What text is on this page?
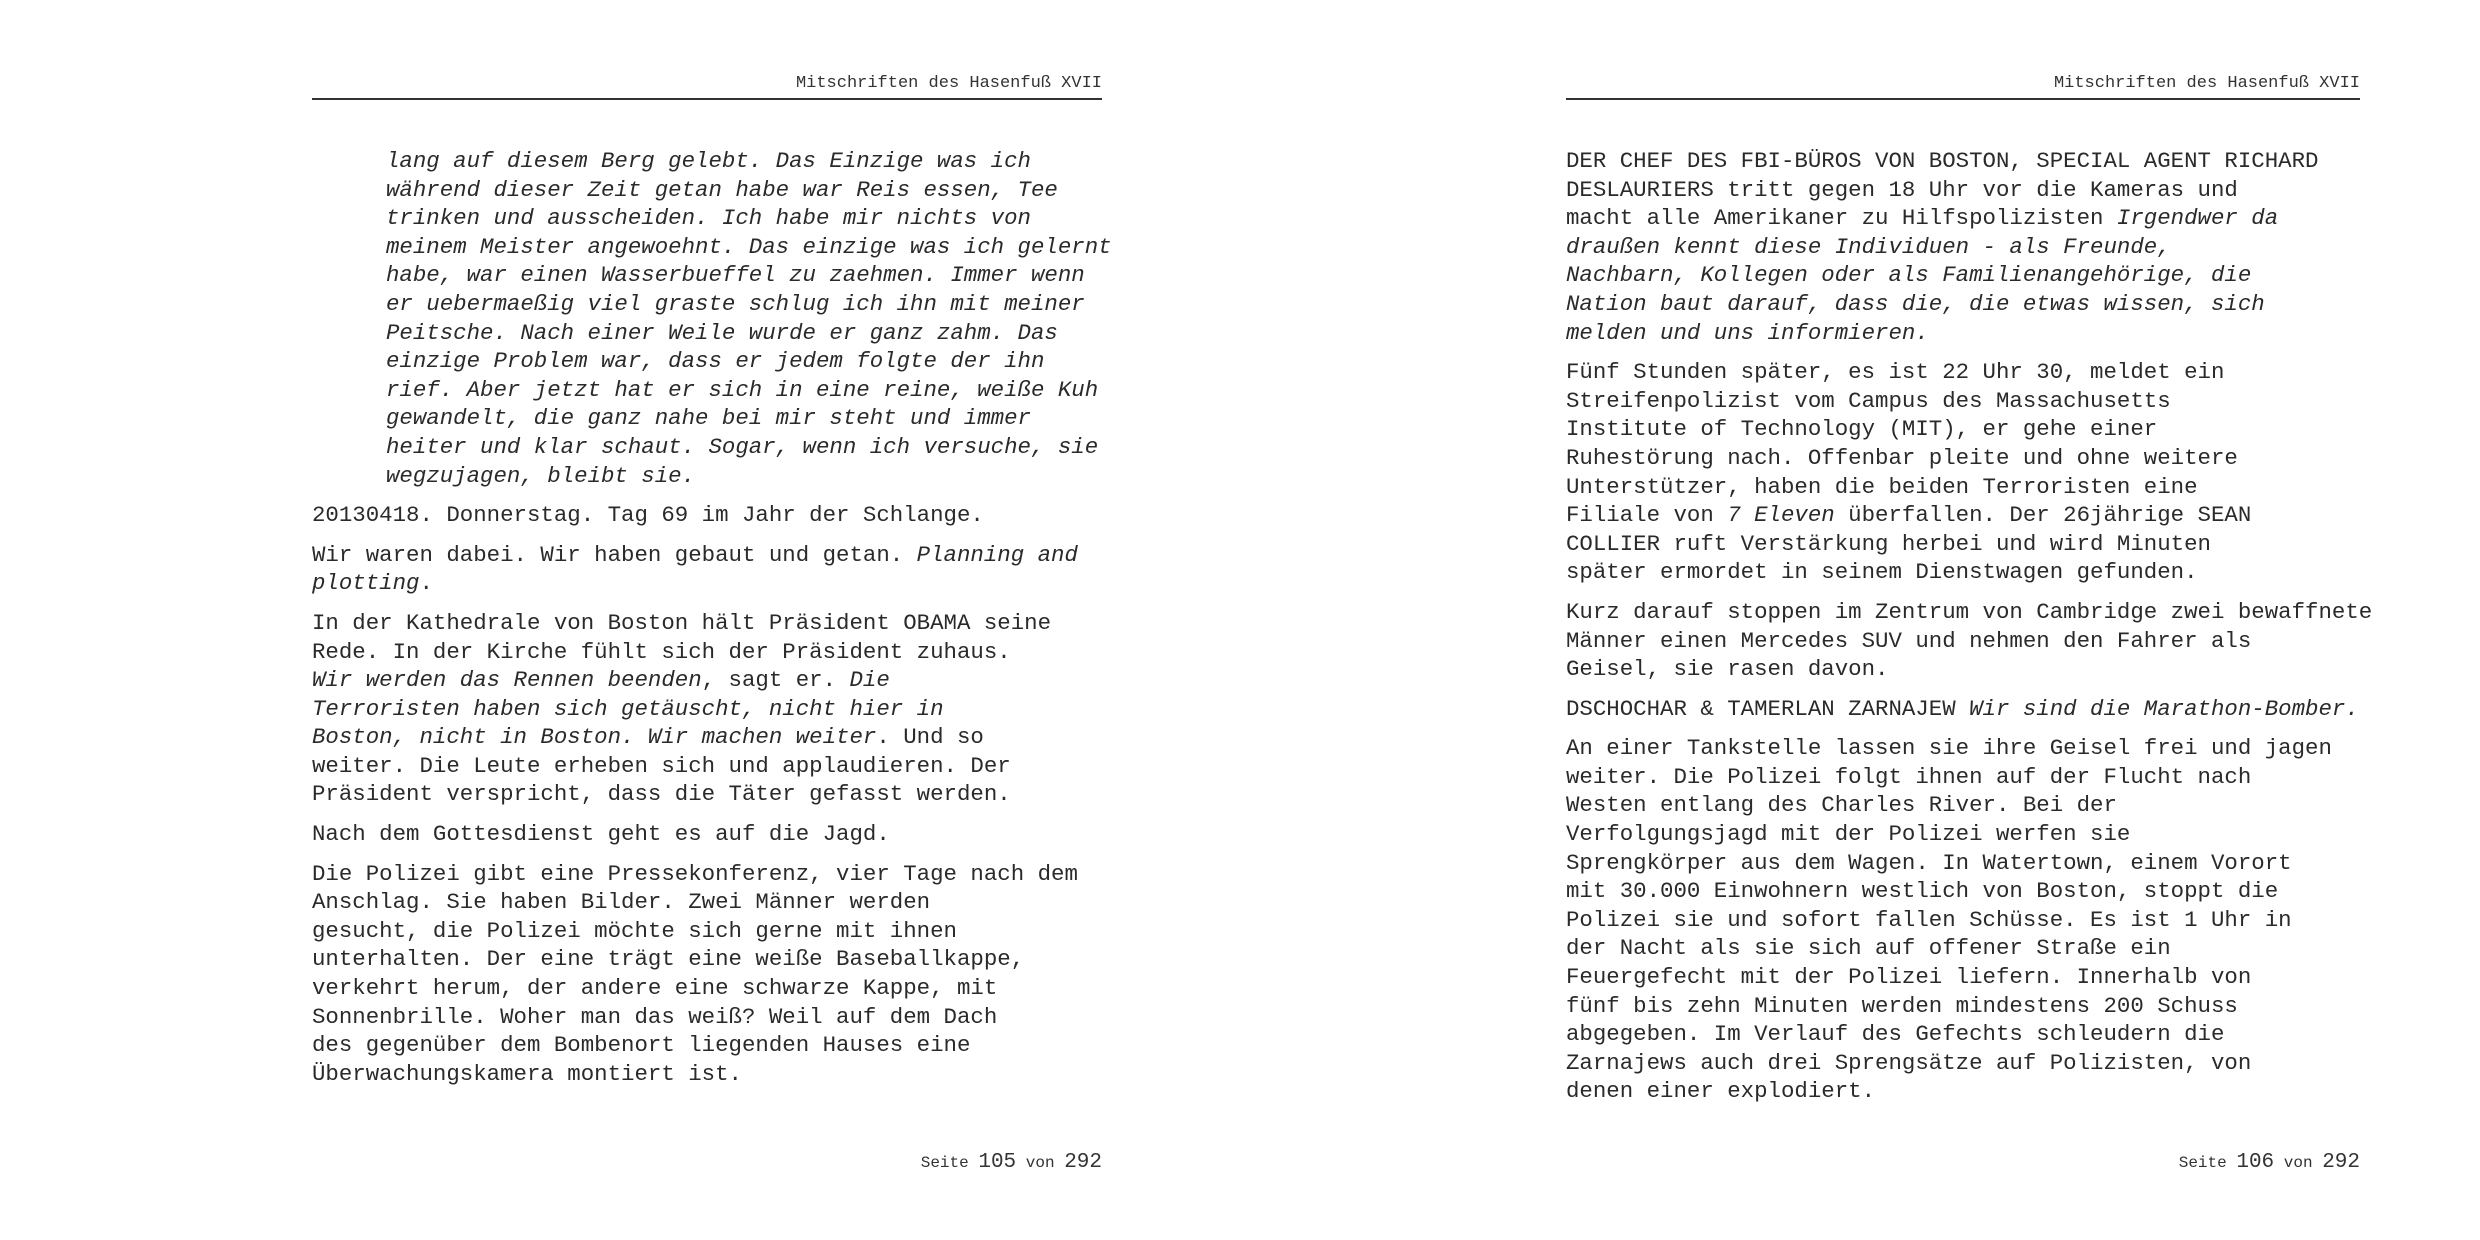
Mitschriften des Hasenfuß XVII

lang auf diesem Berg gelebt. Das Einzige was ich
während dieser Zeit getan habe war Reis essen, Tee
trinken und ausscheiden. Ich habe mir nichts von
meinem Meister angewoehnt. Das einzige was ich gelernt
habe, war einen Wasserbueffel zu zaehmen. Immer wenn
er uebermaeßig viel graste schlug ich ihn mit meiner
Peitsche. Nach einer Weile wurde er ganz zahm. Das
einzige Problem war, dass er jedem folgte der ihn
rief. Aber jetzt hat er sich in eine reine, weiße Kuh
gewandelt, die ganz nahe bei mir steht und immer
heiter und klar schaut. Sogar, wenn ich versuche, sie
wegzujagen, bleibt sie.

20130418. Donnerstag. Tag 69 im Jahr der Schlange.

Wir waren dabei. Wir haben gebaut und getan. Planning and
plotting.

In der Kathedrale von Boston hält Präsident OBAMA seine
Rede. In der Kirche fühlt sich der Präsident zuhaus.
Wir werden das Rennen beenden, sagt er. Die
Terroristen haben sich getäuscht, nicht hier in
Boston, nicht in Boston. Wir machen weiter. Und so
weiter. Die Leute erheben sich und applaudieren. Der
Präsident verspricht, dass die Täter gefasst werden.

Nach dem Gottesdienst geht es auf die Jagd.

Die Polizei gibt eine Pressekonferenz, vier Tage nach dem
Anschlag. Sie haben Bilder. Zwei Männer werden
gesucht, die Polizei möchte sich gerne mit ihnen
unterhalten. Der eine trägt eine weiße Baseballkappe,
verkehrt herum, der andere eine schwarze Kappe, mit
Sonnenbrille. Woher man das weiß? Weil auf dem Dach
des gegenüber dem Bombenort liegenden Hauses eine
Überwachungskamera montiert ist.

Seite 105 von 292
Mitschriften des Hasenfuß XVII

DER CHEF DES FBI-BÜROS VON BOSTON, SPECIAL AGENT RICHARD
DESLAURIERS tritt gegen 18 Uhr vor die Kameras und
macht alle Amerikaner zu Hilfspolizisten Irgendwer da
draußen kennt diese Individuen - als Freunde,
Nachbarn, Kollegen oder als Familienangehörige, die
Nation baut darauf, dass die, die etwas wissen, sich
melden und uns informieren.

Fünf Stunden später, es ist 22 Uhr 30, meldet ein
Streifenpolizist vom Campus des Massachusetts
Institute of Technology (MIT), er gehe einer
Ruhestörung nach. Offenbar pleite und ohne weitere
Unterstützer, haben die beiden Terroristen eine
Filiale von 7 Eleven überfallen. Der 26jährige SEAN
COLLIER ruft Verstärkung herbei und wird Minuten
später ermordet in seinem Dienstwagen gefunden.

Kurz darauf stoppen im Zentrum von Cambridge zwei bewaffnete
Männer einen Mercedes SUV und nehmen den Fahrer als
Geisel, sie rasen davon.

DSCHOCHAR & TAMERLAN ZARNAJEW Wir sind die Marathon-Bomber.

An einer Tankstelle lassen sie ihre Geisel frei und jagen
weiter. Die Polizei folgt ihnen auf der Flucht nach
Westen entlang des Charles River. Bei der
Verfolgungsjagd mit der Polizei werfen sie
Sprengkörper aus dem Wagen. In Watertown, einem Vorort
mit 30.000 Einwohnern westlich von Boston, stoppt die
Polizei sie und sofort fallen Schüsse. Es ist 1 Uhr in
der Nacht als sie sich auf offener Straße ein
Feuergefecht mit der Polizei liefern. Innerhalb von
fünf bis zehn Minuten werden mindestens 200 Schuss
abgegeben. Im Verlauf des Gefechts schleudern die
Zarnajews auch drei Sprengsätze auf Polizisten, von
denen einer explodiert.

Seite 106 von 292
